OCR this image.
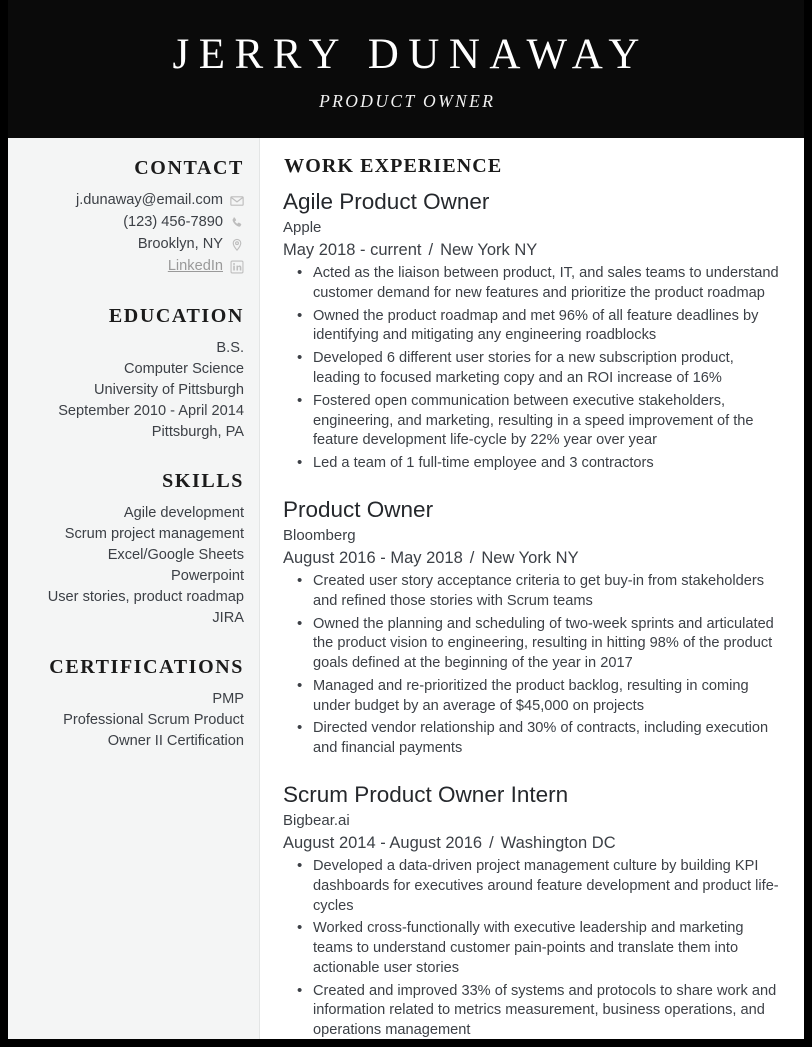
JERRY DUNAWAY
PRODUCT OWNER
CONTACT
j.dunaway@email.com
(123) 456-7890
Brooklyn, NY
LinkedIn
EDUCATION

B.S.

Computer Science

University of Pittsburgh

September 2010 - April 2014

Pittsburgh, PA

SKILLS

Agile development

Scrum project management

Excel/Google Sheets

Powerpoint

User stories, product roadmap

JIRA

CERTIFICATIONS

PMP

Professional Scrum Product Owner II Certification

WORK EXPERIENCE
Agile Product Owner
Apple
May 2018 - current / New York NY
• Acted as the liaison between product, IT, and sales teams to understand customer demand for new features and prioritize the product roadmap
• Owned the product roadmap and met 96% of all feature deadlines by identifying and mitigating any engineering roadblocks
• Developed 6 different user stories for a new subscription product, leading to focused marketing copy and an ROI increase of 16%
• Fostered open communication between executive stakeholders, engineering, and marketing, resulting in a speed improvement of the feature development life-cycle by 22% year over year
• Led a team of 1 full-time employee and 3 contractors
Product Owner
Bloomberg
August 2016 - May 2018 / New York NY
• Created user story acceptance criteria to get buy-in from stakeholders and refined those stories with Scrum teams
• Owned the planning and scheduling of two-week sprints and articulated the product vision to engineering, resulting in hitting 98% of the product goals defined at the beginning of the year in 2017
• Managed and re-prioritized the product backlog, resulting in coming under budget by an average of $45,000 on projects
• Directed vendor relationship and 30% of contracts, including execution and financial payments
Scrum Product Owner Intern
Bigbear.ai
August 2014 - August 2016 / Washington DC
• Developed a data-driven project management culture by building KPI dashboards for executives around feature development and product life-cycles
• Worked cross-functionally with executive leadership and marketing teams to understand customer pain-points and translate them into actionable user stories
• Created and improved 33% of systems and protocols to share work and information related to metrics measurement, business operations, and operations management
